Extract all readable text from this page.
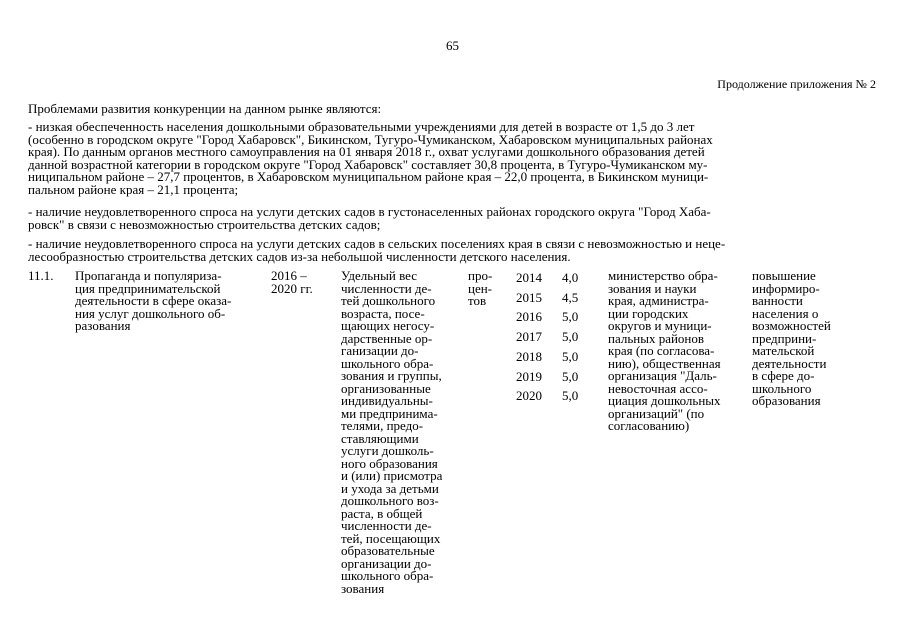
65
Продолжение приложения № 2
Проблемами развития конкуренции на данном рынке являются:
- низкая обеспеченность населения дошкольными образовательными учреждениями для детей в возрасте от 1,5 до 3 лет
(особенно в городском округе "Город Хабаровск", Бикинском, Тугуро-Чумиканском, Хабаровском муниципальных районах
края). По данным органов местного самоуправления на 01 января 2018 г., охват услугами дошкольного образования детей
данной возрастной категории в городском округе "Город Хабаровск" составляет 30,8 процента, в Тугуро-Чумиканском му-
ниципальном районе – 27,7 процентов, в Хабаровском муниципальном районе края – 22,0 процента, в Бикинском муници-
пальном районе края – 21,1 процента;
- наличие неудовлетворенного спроса на услуги детских садов в густонаселенных районах городского округа "Город Хаба-
ровск" в связи с невозможностью строительства детских садов;
- наличие неудовлетворенного спроса на услуги детских садов в сельских поселениях края в связи с невозможностью и неце-
лесообразностью строительства детских садов из-за небольшой численности детского населения.
11.1. Пропаганда и популяриза-
ция предпринимательской
деятельности в сфере оказа-
ния услуг дошкольного об-
разования
2016 –
2020 гг.
Удельный вес
численности де-
тей дошкольного
возраста, посе-
щающих негосу-
дарственные ор-
ганизации до-
школьного обра-
зования и группы,
организованные
индивидуальны-
ми предпринима-
телями, предо-
ставляющими
услуги дошколь-
ного образования
и (или) присмотра
и ухода за детьми
дошкольного воз-
раста, в общей
численности де-
тей, посещающих
образовательные
организации до-
школьного обра-
зования
про-
цен-
тов
2014 4,0
2015 4,5
2016 5,0
2017 5,0
2018 5,0
2019 5,0
2020 5,0
министерство обра-
зования и науки
края, администра-
ции городских
округов и муници-
пальных районов
края (по согласова-
нию), общественная
организация "Даль-
невосточная ассо-
циация дошкольных
организаций" (по
согласованию)
повышение
информиро-
ванности
населения о
возможностей
предприни-
мательской
деятельности
в сфере до-
школьного
образования
